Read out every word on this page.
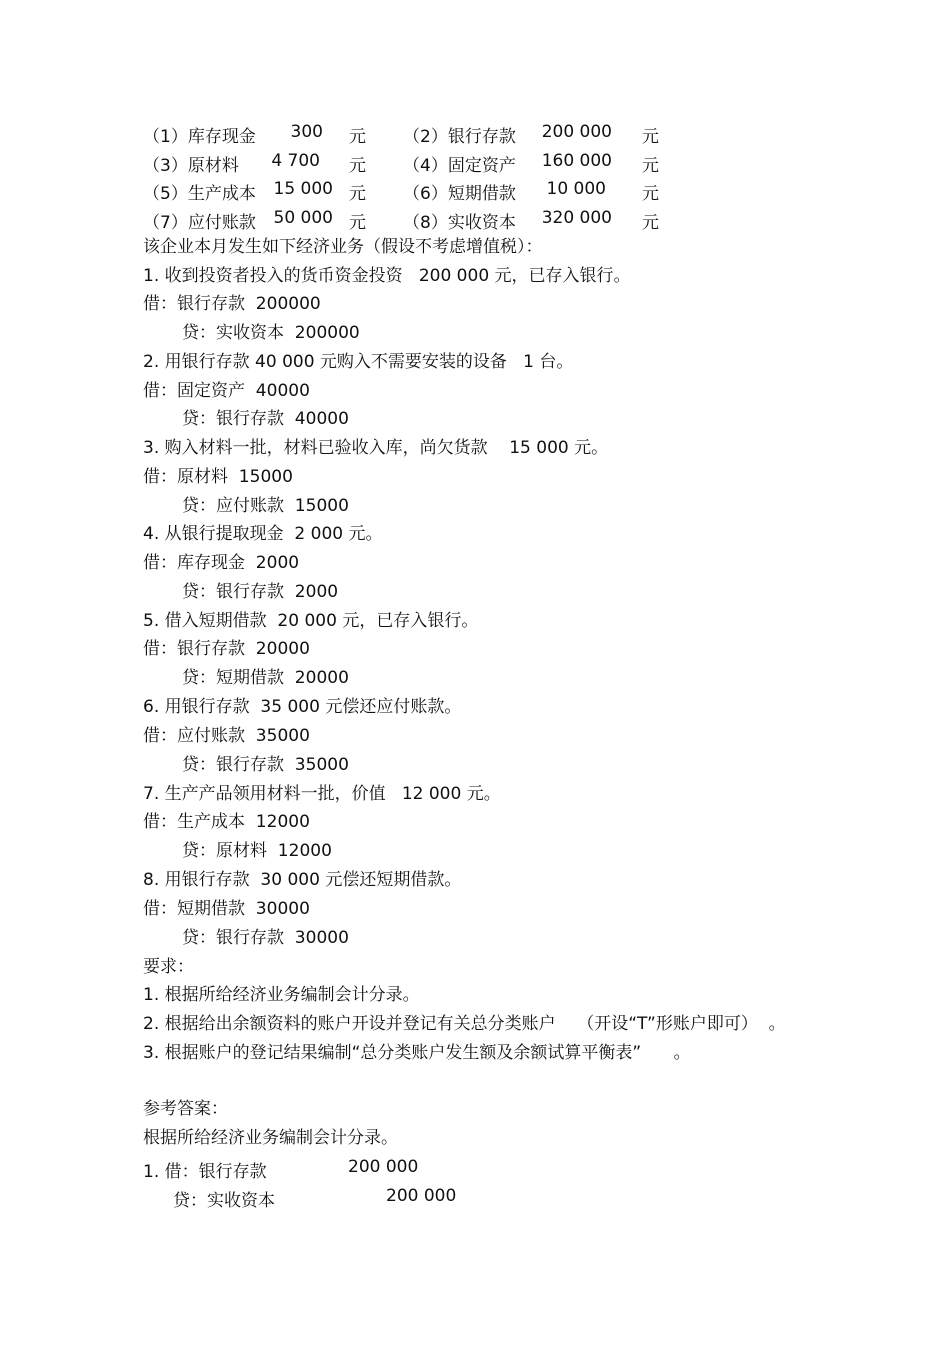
（1）库存现金	300 元 （2）银行存款	200 000 元
（3）原材料	4 700 元 （4）固定资产	160 000 元
（5）生产成本	15 000 元 （6）短期借款	10 000 元
（7）应付账款	50 000 元 （8）实收资本	320 000 元
该企业本月发生如下经济业务（假设不考虑增值税）：
1. 收到投资者投入的货币资金投资   200 000 元，已存入银行。
借：银行存款  200000
贷：实收资本  200000
2. 用银行存款 40 000 元购入不需要安装的设备   1 台。
借：固定资产  40000
贷：银行存款  40000
3. 购入材料一批，材料已验收入库，尚欠货款    15 000 元。
借：原材料  15000
贷：应付账款  15000
4. 从银行提取现金  2 000 元。
借：库存现金  2000
贷：银行存款  2000
5. 借入短期借款  20 000 元，已存入银行。
借：银行存款  20000
贷：短期借款  20000
6. 用银行存款  35 000 元偿还应付账款。
借：应付账款  35000
贷：银行存款  35000
7. 生产产品领用材料一批，价值   12 000 元。
借：生产成本  12000
贷：原材料  12000
8. 用银行存款  30 000 元偿还短期借款。
借：短期借款  30000
贷：银行存款  30000
要求：
1. 根据所给经济业务编制会计分录。
2. 根据给出余额资料的账户开设并登记有关总分类账户    （开设“T”形账户即可）  。
3. 根据账户的登记结果编制“总分类账户发生额及余额试算平衡表”      。
参考答案：
根据所给经济业务编制会计分录。
1. 借：银行存款	200 000
贷：实收资本	200 000
